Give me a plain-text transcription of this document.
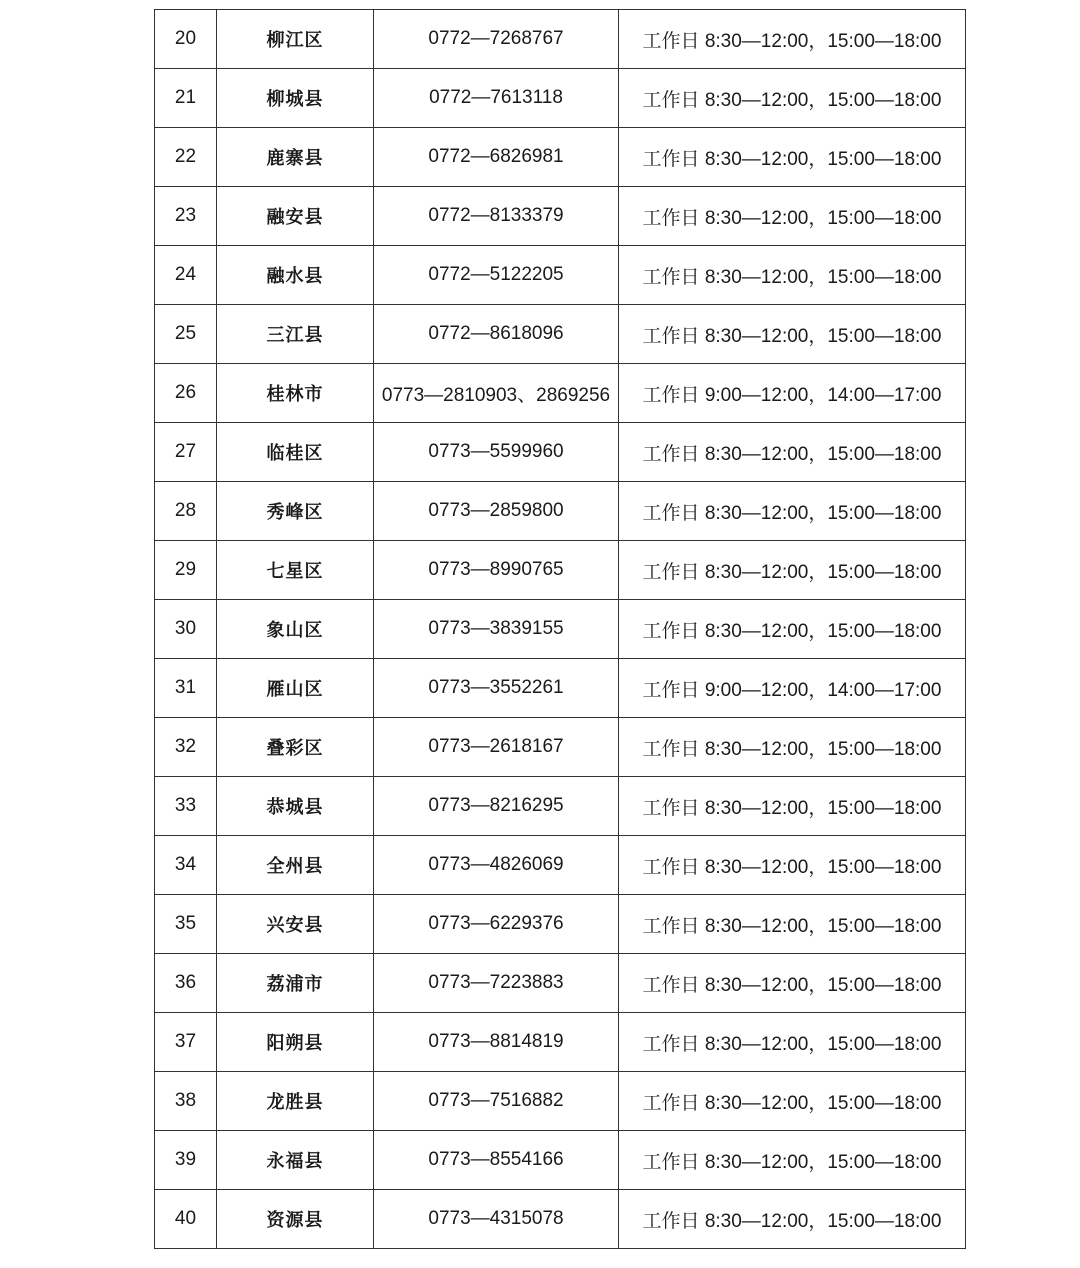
20	柳江区	0772—7268767	工作日 8:30—12:00，15:00—18:00
21	柳城县	0772—7613118	工作日 8:30—12:00，15:00—18:00
22	鹿寨县	0772—6826981	工作日 8:30—12:00，15:00—18:00
23	融安县	0772—8133379	工作日 8:30—12:00，15:00—18:00
24	融水县	0772—5122205	工作日 8:30—12:00，15:00—18:00
25	三江县	0772—8618096	工作日 8:30—12:00，15:00—18:00
26	桂林市	0773—2810903、2869256	工作日 9:00—12:00，14:00—17:00
27	临桂区	0773—5599960	工作日 8:30—12:00，15:00—18:00
28	秀峰区	0773—2859800	工作日 8:30—12:00，15:00—18:00
29	七星区	0773—8990765	工作日 8:30—12:00，15:00—18:00
30	象山区	0773—3839155	工作日 8:30—12:00，15:00—18:00
31	雁山区	0773—3552261	工作日 9:00—12:00，14:00—17:00
32	叠彩区	0773—2618167	工作日 8:30—12:00，15:00—18:00
33	恭城县	0773—8216295	工作日 8:30—12:00，15:00—18:00
34	全州县	0773—4826069	工作日 8:30—12:00，15:00—18:00
35	兴安县	0773—6229376	工作日 8:30—12:00，15:00—18:00
36	荔浦市	0773—7223883	工作日 8:30—12:00，15:00—18:00
37	阳朔县	0773—8814819	工作日 8:30—12:00，15:00—18:00
38	龙胜县	0773—7516882	工作日 8:30—12:00，15:00—18:00
39	永福县	0773—8554166	工作日 8:30—12:00，15:00—18:00
40	资源县	0773—4315078	工作日 8:30—12:00，15:00—18:00
